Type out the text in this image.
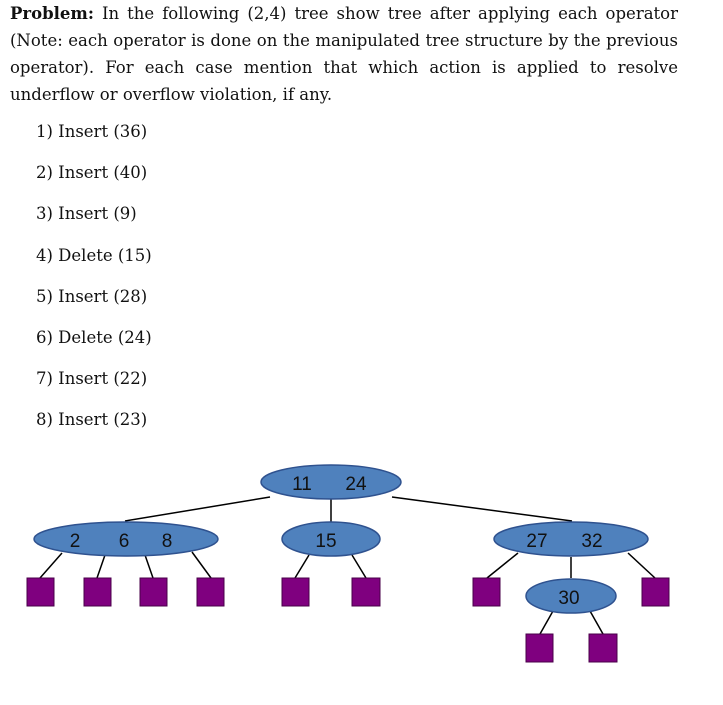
Problem: In the following (2,4) tree show tree after applying each operator (Note: each operator is done on the manipulated tree structure by the previous operator). For each case mention that which action is applied to resolve underflow or overflow violation, if any.
1) Insert (36)
2) Insert (40)
3) Insert (9)
4) Delete (15)
5) Insert (28)
6) Delete (24)
7) Insert (22)
8) Insert (23)
11 24
2 6 8	15	27 32
30
